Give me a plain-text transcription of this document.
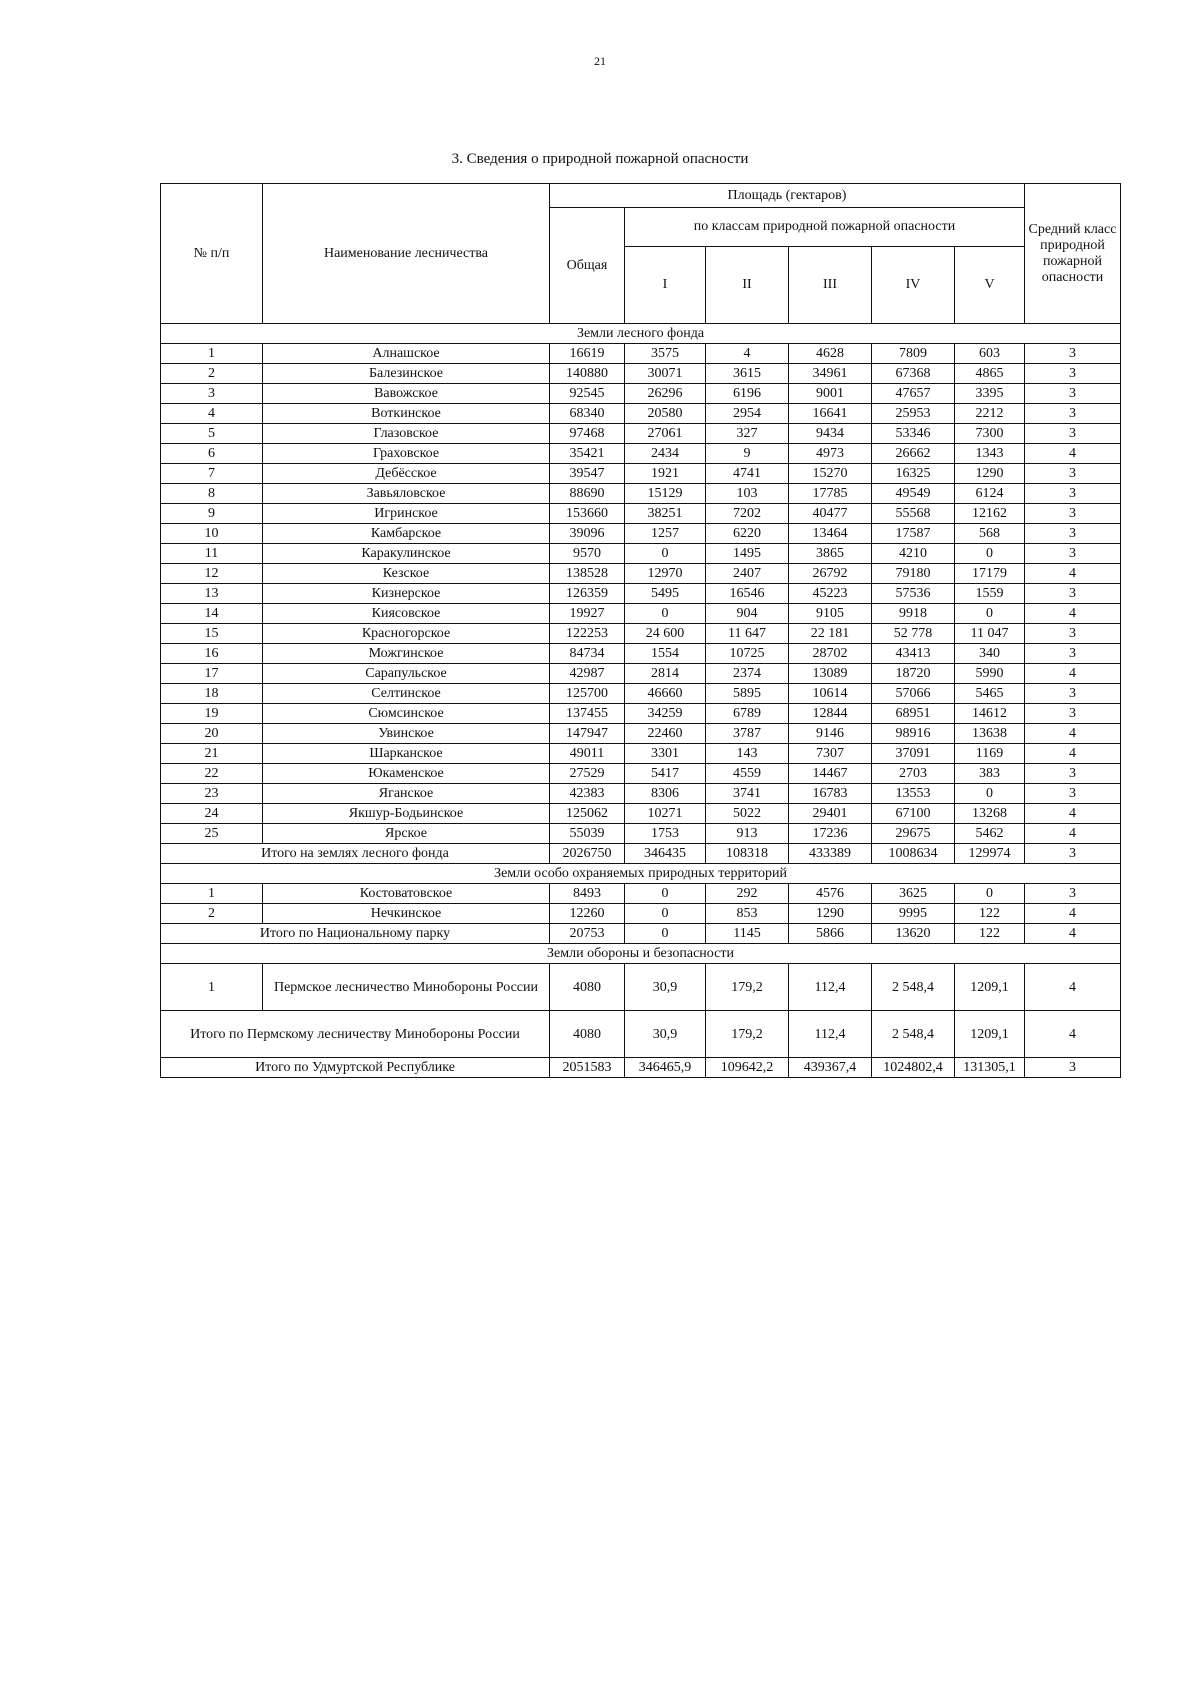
21
3. Сведения о природной пожарной опасности
№ п/п	Наименование лесничества	Площадь (гектаров)						Средний класс природной пожарной опасности
		Общая	по классам природной пожарной опасности					
			I	II	III	IV	V	
Земли лесного фонда								
1	Алнашское	16619	3575	4	4628	7809	603	3
2	Балезинское	140880	30071	3615	34961	67368	4865	3
3	Вавожское	92545	26296	6196	9001	47657	3395	3
4	Воткинское	68340	20580	2954	16641	25953	2212	3
5	Глазовское	97468	27061	327	9434	53346	7300	3
6	Граховское	35421	2434	9	4973	26662	1343	4
7	Дебёсское	39547	1921	4741	15270	16325	1290	3
8	Завьяловское	88690	15129	103	17785	49549	6124	3
9	Игринское	153660	38251	7202	40477	55568	12162	3
10	Камбарское	39096	1257	6220	13464	17587	568	3
11	Каракулинское	9570	0	1495	3865	4210	0	3
12	Кезское	138528	12970	2407	26792	79180	17179	4
13	Кизнерское	126359	5495	16546	45223	57536	1559	3
14	Киясовское	19927	0	904	9105	9918	0	4
15	Красногорское	122253	24 600	11 647	22 181	52 778	11 047	3
16	Можгинское	84734	1554	10725	28702	43413	340	3
17	Сарапульское	42987	2814	2374	13089	18720	5990	4
18	Селтинское	125700	46660	5895	10614	57066	5465	3
19	Сюмсинское	137455	34259	6789	12844	68951	14612	3
20	Увинское	147947	22460	3787	9146	98916	13638	4
21	Шарканское	49011	3301	143	7307	37091	1169	4
22	Юкаменское	27529	5417	4559	14467	2703	383	3
23	Яганское	42383	8306	3741	16783	13553	0	3
24	Якшур-Бодьинское	125062	10271	5022	29401	67100	13268	4
25	Ярское	55039	1753	913	17236	29675	5462	4
Итого на землях лесного фонда		2026750	346435	108318	433389	1008634	129974	3
Земли особо охраняемых природных территорий								
1	Костоватовское	8493	0	292	4576	3625	0	3
2	Нечкинское	12260	0	853	1290	9995	122	4
Итого по Национальному парку		20753	0	1145	5866	13620	122	4
Земли обороны и безопасности								
1	Пермское лесничество Минобороны России	4080	30,9	179,2	112,4	2 548,4	1209,1	4
Итого по Пермскому лесничеству Минобороны России		4080	30,9	179,2	112,4	2 548,4	1209,1	4
Итого по Удмуртской Республике		2051583	346465,9	109642,2	439367,4	1024802,4	131305,1	3
